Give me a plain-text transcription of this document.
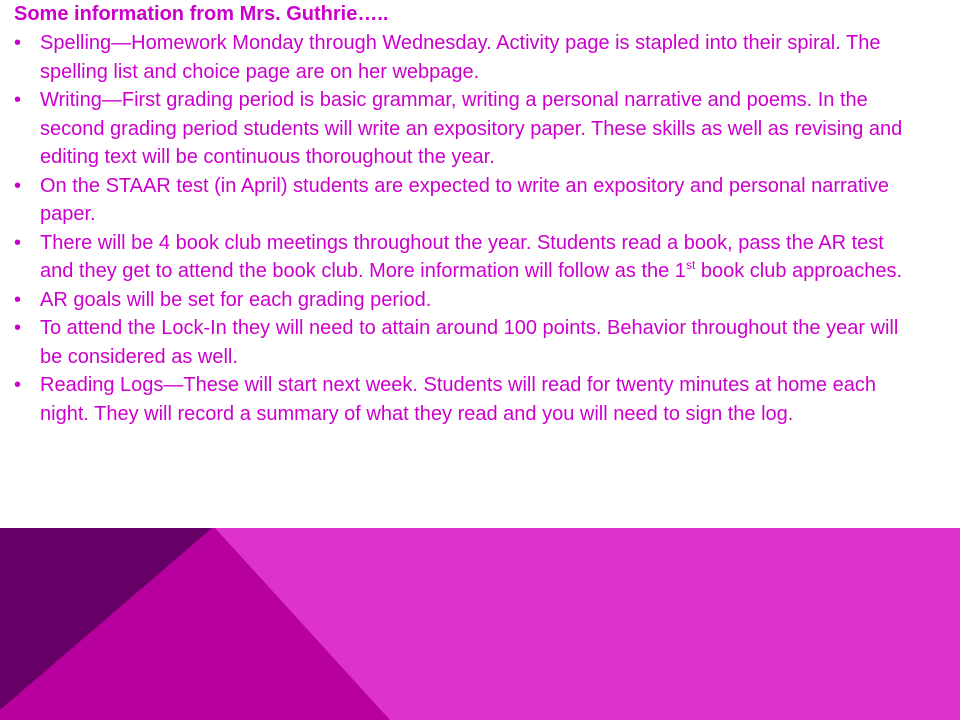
Some information from Mrs. Guthrie…..
• Spelling—Homework Monday through Wednesday. Activity page is stapled into their spiral. The spelling list and choice page are on her webpage.
• Writing—First grading period is basic grammar, writing a personal narrative and poems. In the second grading period students will write an expository paper. These skills as well as revising and editing text will be continuous thoroughout the year.
• On the STAAR test (in April) students are expected to write an expository and personal narrative paper.
• There will be 4 book club meetings throughout the year. Students read a book, pass the AR test and they get to attend the book club. More information will follow as the 1st book club approaches.
• AR goals will be set for each grading period.
• To attend the Lock-In they will need to attain around 100 points. Behavior throughout the year will be considered as well.
• Reading Logs—These will start next week. Students will read for twenty minutes at home each night. They will record a summary of what they read and you will need to sign the log.
